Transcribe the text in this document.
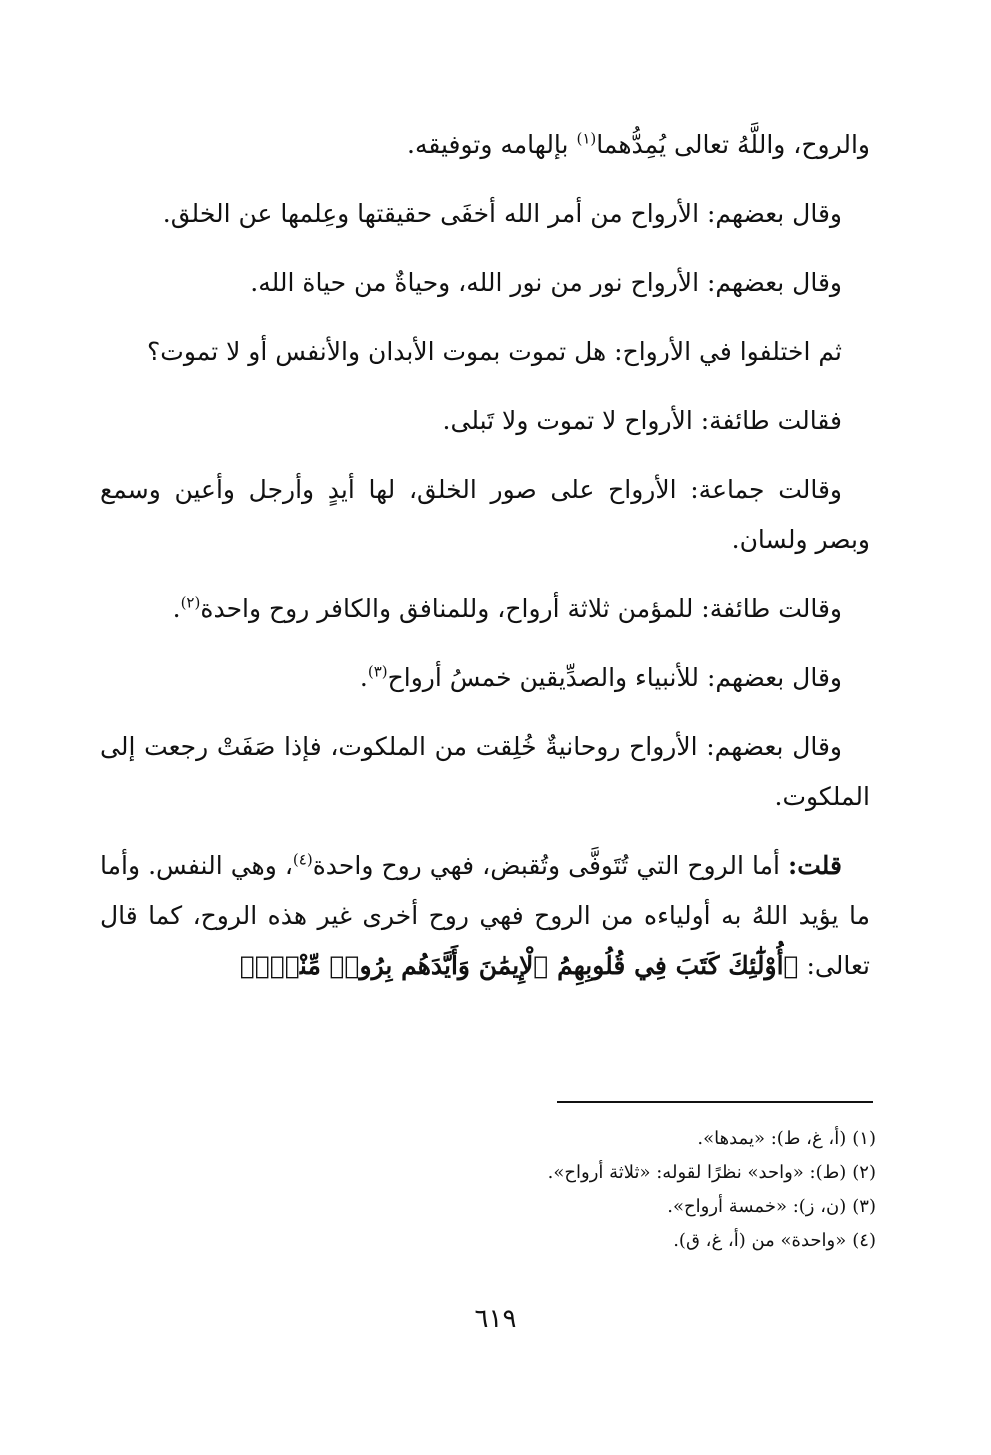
والروح، واللَّهُ تعالى يُمِدُّهما$^{(١)}$ بإلهامه وتوفيقه.

وقال بعضهم: الأرواح من أمر الله أخفَى حقيقتها وعِلمها عن الخلق.

وقال بعضهم: الأرواح نور من نور الله، وحياةٌ من حياة الله.

ثم اختلفوا في الأرواح: هل تموت بموت الأبدان والأنفس أو لا تموت؟

فقالت طائفة: الأرواح لا تموت ولا تَبلى.

وقالت جماعة: الأرواح على صور الخلق، لها أيدٍ وأرجل وأعين وسمع وبصر ولسان.

وقالت طائفة: للمؤمن ثلاثة أرواح، وللمنافق والكافر روح واحدة$^{(٢)}$.

وقال بعضهم: للأنبياء والصدِّيقين خمسُ أرواح$^{(٣)}$.

وقال بعضهم: الأرواح روحانيةٌ خُلِقت من الملكوت، فإذا صَفَتْ رجعت إلى الملكوت.

قلت: أما الروح التي تُتَوفَّى وتُقبض، فهي روح واحدة$^{(٤)}$، وهي النفس. وأما ما يؤيد اللهُ به أولياءه من الروح فهي روح أخرى غير هذه الروح، كما قال تعالى: ﴿أُوْلَٰٓئِكَ كَتَبَ فِي قُلُوبِهِمُ ٱلْإِيمَٰنَ وَأَيَّدَهُم بِرُوحٖ مِّنْهُۖ﴾

(١)(أ، غ، ط): «يمدها».

(٢)(ط): «واحد» نظرًا لقوله: «ثلاثة أرواح».

(٣)(ن، ز): «خمسة أرواح».

(٤)«واحدة» من (أ، غ، ق).

٦١٩
